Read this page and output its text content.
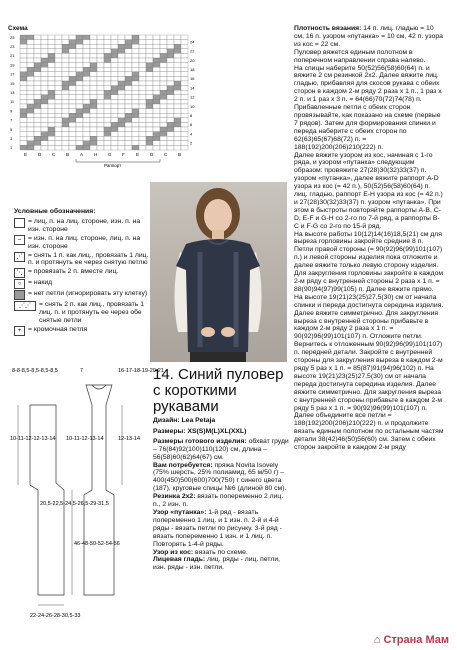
Схема
25
23
21
19
17
15
13
11
9
7
5
3
1
24
22
20
18
16
14
12
10
8
6
4
2
Е D C B A H G F	E D C B
Раппорт
Условные обозначения:
= лиц. п. на лиц. стороне, изн. п. на изн. стороне
–	= изн. п. на лиц. стороне, лиц. п. на изн. стороне
⋰ = снять 1 п. как лиц., провязать 1 лиц. п. и протянуть ее через снятую петлю
⋱ = провязать 2 п. вместе лиц.
○ = накид
= нет петли (игнорировать эту клетку)
⋰⋰	= снять 2 п. как лиц., провязать 1 лиц. п. и протянуть ее через обе снятые петли
+ = кромочная петля
8-8-8,5-8,5-8,5-8,5	7	16-17-18-19-20-21
10-11-12-12-13-14 10-11-12-13-14	12-13-14
20,5-22,5-24,5-26,5-29-31,5
46-48-50-52-54-56
22-24-26-28-30,5-33
14. Синий пуловер с короткими рукавами

Дизайн: Lea Petaja

Размеры: XS(S)M(L)XL(XXL)

Размеры готового изделия: обхват груди – 76(84)92(100)110(120) см, длина – 56(58)60(62)64(67) см.

Вам потребуется: пряжа Novita Isovely (75% шерсть, 25% полиамид, 65 м/50 г) – 400(450)500(600)700(750) г синего цвета (187), круговые спицы №6 (длиной 80 см).

Резинка 2x2: вязать попеременно 2 лиц. п., 2 изн. п.

Узор «путанка»: 1-й ряд - вязать попеременно 1 лиц. и 1 изн. п. 2-й и 4-й ряды - вязать петли по рисунку. 3-й ряд - вязать попеременно 1 изн. и 1 лиц. п. Повторять 1-4-й ряды.

Узор из кос: вязать по схеме.

Лицевая гладь: лиц. ряды - лиц. петли, изн. ряды - изн. петли.

Плотность вязания: 14 п. лиц. гладью = 10 см, 16 п. узором «путанка» = 10 см, 42 п. узора из кос = 22 см.

Пуловер вяжется единым полотном в поперечном направлении справа налево.

На спицы наберите 50(52)56(58)60(64) п. и вяжите 2 см резинкой 2x2. Далее вяжите лиц. гладью, прибавляя для скосов рукава с обеих сторон в каждом 2-м ряду 2 раза х 1 п., 1 раз х 2 п. и 1 раз х 3 п. = 64(66)70(72)74(78) п. Прибавленные петли с обеих сторон провязывайте, как показано на схеме (первые 7 рядов). Затем для формирования спинки и переда наберите с обеих сторон по 62(63)65(67)68(72) п. = 188(192)200(206)210(222) п.

Далее вяжите узором из кос, начиная с 1-го ряда, и узором «путанка» следующим образом: провяжите 27(28)30(32)33(37) п. узором «путанка», далее вяжите раппорт A-D узора из кос (= 42 п.), 50(52)56(58)60(64) п. лиц. гладью, раппорт E-H узора из кос (= 42 п.) и 27(28)30(32)33(37) п. узором «путанка». При этом в быстроты повторяйте раппорты A-B, C-D, E-F и G-H со 2-го по 7-й ряд, а раппорты B-C и F-G со 2-го по 15-й ряд.

На высоте работы 10(12)14(16)18,5(21) см для выреза горловины закройте средние 8 п. Петли правой стороны (= 90(92)96(99)101(107) п.) и левой стороны изделия пока отложите и далее вяжите только левую сторону изделия. Для закругления горловины закройте в каждом 2-м ряду с внутренней стороны 2 раза х 1 п. = 88(90)94(97)99(105) п. Далее вяжите прямо. На высоте 19(21)23(25)27,5(30) см от начала спинки и переда достигнута середина изделия. Далее вяжите симметрично. Для закругления выреза с внутренней стороны прибавьте в каждом 2-м ряду 2 раза х 1 п. = 90(92)96(99)101(107) п. Отложите петли. Вернитесь к отложенным 90(92)96(99)101(107) п. передней детали. Закройте с внутренней стороны для закругления выреза в каждом 2-м ряду 5 раз х 1 п. = 85(87)91(94)96(102) п. На высоте 19(21)23(25)27,5(30) см от начала переда достигнута середина изделия. Далее вяжите симметрично. Для закругления выреза с внутренней стороны прибавьте в каждом 2-м ряду 5 раз х 1 п. = 90(92)96(99)101(107) п.

Далее объедините все петли = 188(192)200(206)210(222) п. и продолжите вязать единым полотном по остальным частям детали 38(42)46(50)56(60) см. Затем с обеих сторон закройте в каждом 2-м ряду

⌂ Страна Мам
